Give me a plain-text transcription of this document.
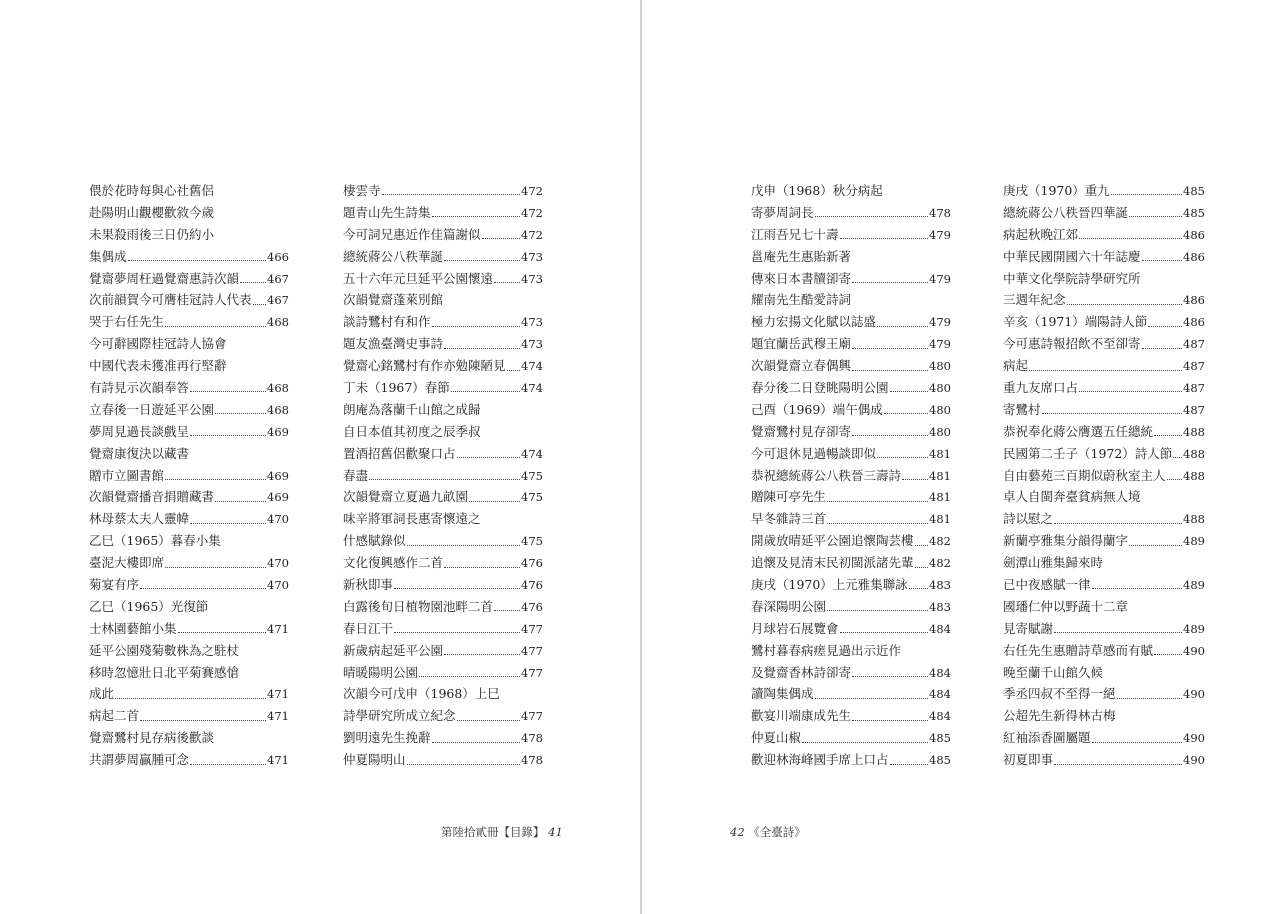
偎於花時每與心社舊侶
赴陽明山觀櫻歡敘今歲
未果殺雨後三日仍約小
集偶成	466
覺齋夢周枉過覺齋惠詩次韻 467
次前韻賀今可膺桂冠詩人代表 467
哭于右任先生	468
今可辭國際桂冠詩人協會
中國代表未獲准再行堅辭
有詩見示次韻奉答	468
立春後一日遊延平公園	468
夢周見過長談戲呈	469
覺齋康復決以藏書
贈市立圖書館	469
次韻覺齋播音捐贈藏書	469
林母蔡太夫人靈幃	470
乙巳（1965）暮春小集
臺泥大樓即席	470
菊宴有序	470
乙巳（1965）光復節
士林園藝館小集	471
延平公園殘菊數株為之駐杖
移時忽憶壯日北平菊賽感愴
成此	471
病起二首	471
覺齋鷺村見存病後歡談
共謂夢周贏腫可念	471
棲雲寺	472
題青山先生詩集	472
今可詞兄惠近作佳篇謝似	472
總統蔣公八秩華誕	473
五十六年元旦延平公園懷遠 473
次韻覺齋蓬萊別館
談詩鷺村有和作	473
題友漁臺灣史事詩	473
覺齋心銘鷺村有作亦勉陳陋見 474
丁未（1967）春節	474
朗庵為落蘭千山館之成歸
自日本值其初度之辰季叔
置酒招舊侶歡聚口占	474
春盡	475
次韻覺齋立夏過九畝園	475
味辛將軍詞長惠寄懷遠之
什感賦錄似	475
文化復興感作二首	476
新秋即事	476
白露後旬日植物園池畔二首 476
春日江干	477
新歲病起延平公園	477
晴暖陽明公園	477
次韻今可戊申（1968）上巳
詩學研究所成立紀念	477
劉明遠先生挽辭	478
仲夏陽明山	478
第陸拾貳冊【目錄】 41
戊申（1968）秋分病起
寄夢周詞長	478
江雨吾兄七十壽	479
邕庵先生惠貽新著
傳來日本書牘卻寄	479
耀南先生酷愛詩詞
極力宏揚文化賦以誌盛	479
題宜蘭岳武穆王廟	479
次韻覺齋立春偶興	480
春分後二日登眺陽明公園	480
己酉（1969）端午偶成	480
覺齋鷺村見存卻寄	480
今可退休見過暢談即似	481
恭祝總統蔣公八秩晉三壽詩 481
贈陳可亭先生	481
早冬雜詩三首	481
開歲放晴延平公園追懷陶芸樓 482
追懷及見清末民初閩派諸先輩 482
庚戌（1970）上元雅集聯詠 483
春深陽明公園	483
月球岩石展覽會	484
鷺村暮春病瘥見過出示近作
及覺齋香林詩卻寄	484
讀陶集偶成	484
歡宴川端康成先生	484
仲夏山椒	485
歡迎林海峰國手席上口占	485
庚戌（1970）重九	485
總統蔣公八秩晉四華誕	485
病起秋晚江郊	486
中華民國開國六十年誌慶	486
中華文化學院詩學研究所
三週年紀念	486
辛亥（1971）端陽詩人節	486
今可惠詩報招飲不至卻寄	487
病起	487
重九友席口占	487
寄鷺村	487
恭祝奉化蔣公膺選五任總統	488
民國第二壬子（1972）詩人節 488
自由藝苑三百期似蔚秋室主人 488
卓人自閩奔臺貧病無人境
詩以慰之	488
新蘭亭雅集分韻得蘭字	489
劍潭山雅集歸來時
已中夜感賦一律	489
國璠仁仲以野蔬十二章
見寄賦謝	489
右任先生惠贈詩草感而有賦	490
晚至蘭千山館久候
季丞四叔不至得一絕	490
公超先生新得林古梅
紅袖添香圖屬題	490
初夏即事	490
42 《全臺詩》
